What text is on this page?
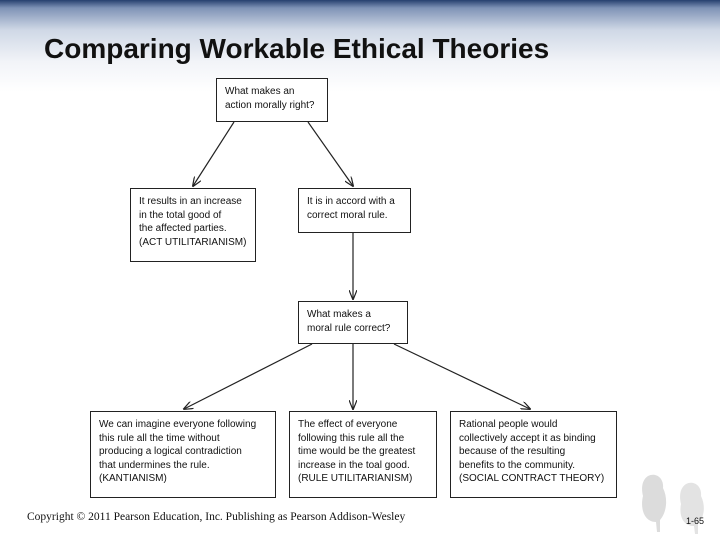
Comparing Workable Ethical Theories
What makes an
action morally right?
It results in an increase
in the total good of
the affected parties.
(ACT UTILITARIANISM)
It is in accord with a
correct moral rule.
What makes a
moral rule correct?
We can imagine everyone following
this rule all the time without
producing a logical contradiction
that undermines the rule.
(KANTIANISM)
The effect of everyone
following this rule all the
time would be the greatest
increase in the toal good.
(RULE UTILITARIANISM)
Rational people would
collectively accept it as binding
because of the resulting
benefits to the community.
(SOCIAL CONTRACT THEORY)
Copyright © 2011 Pearson Education, Inc. Publishing as Pearson Addison-Wesley	1-65
